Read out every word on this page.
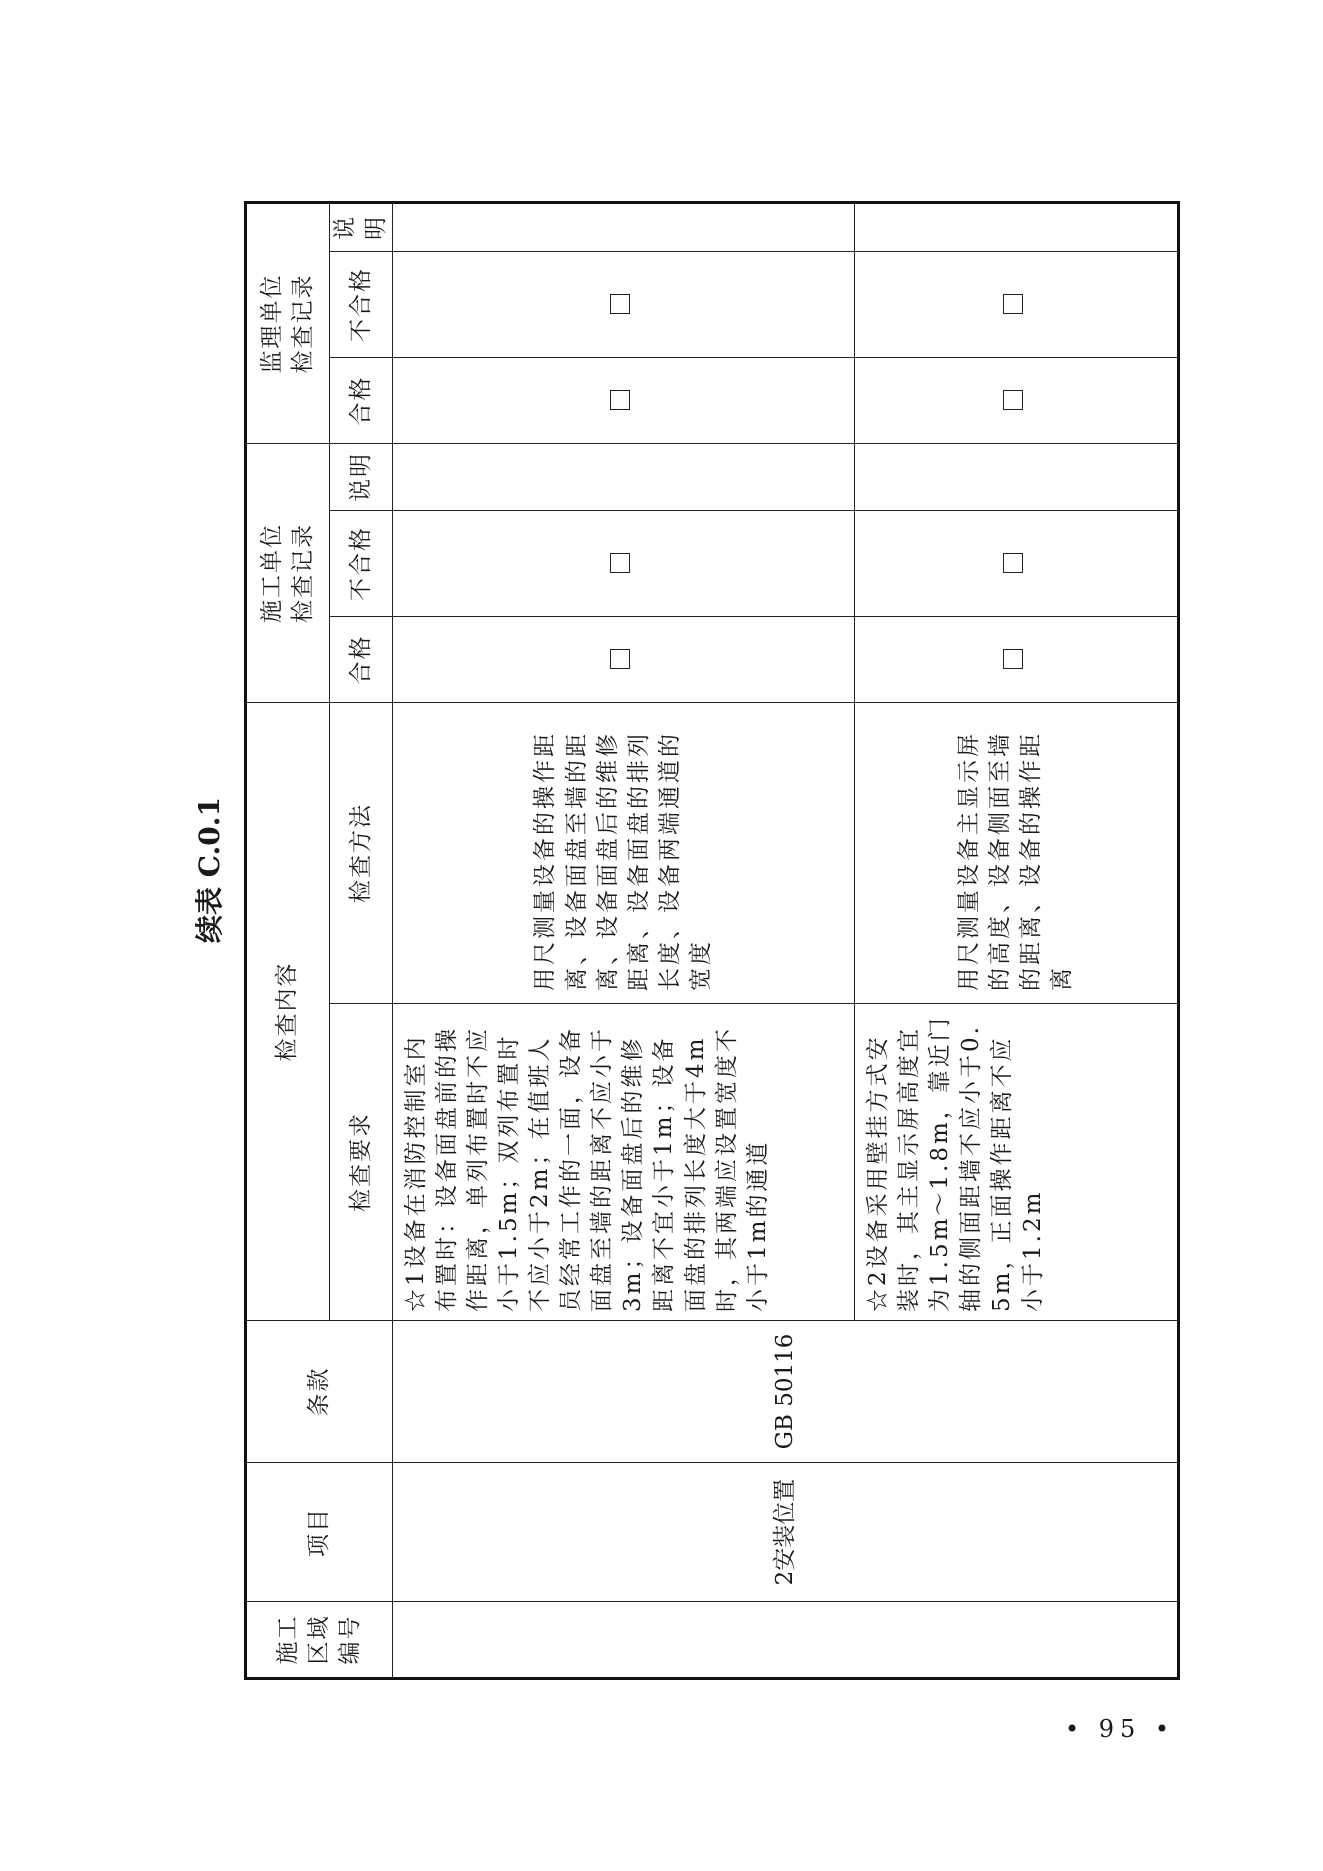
施工 区域 编号	项目	条款	检查内容		施工单位 检查记录			监理单位 检查记录		

			检查要求	检查方法	合格	不合格	说明	合格	不合格	说明
	2安装位置	GB 50116	☆1设备在消防控制室内布置时：设备面盘前的操作距离，单列布置时不应小于1.5m；双列布置时不应小于2m；在值班人员经常工作的一面，设备面盘至墙的距离不应小于3m；设备面盘后的维修距离不宜小于1m；设备面盘的排列长度大于4m时，其两端应设置宽度不小于1m的通道	用尺测量设备的操作距离、设备面盘至墙的距离、设备面盘后的维修距离、设备面盘的排列长度、设备两端通道的宽度						
			☆2设备采用壁挂方式安装时，其主显示屏高度宜为1.5m～1.8m，靠近门轴的侧面距墙不应小于0.5m，正面操作距离不应小于1.2m	用尺测量设备主显示屏的高度、设备侧面至墙的距离、设备的操作距离						
续表 C.0.1
• 95 •
